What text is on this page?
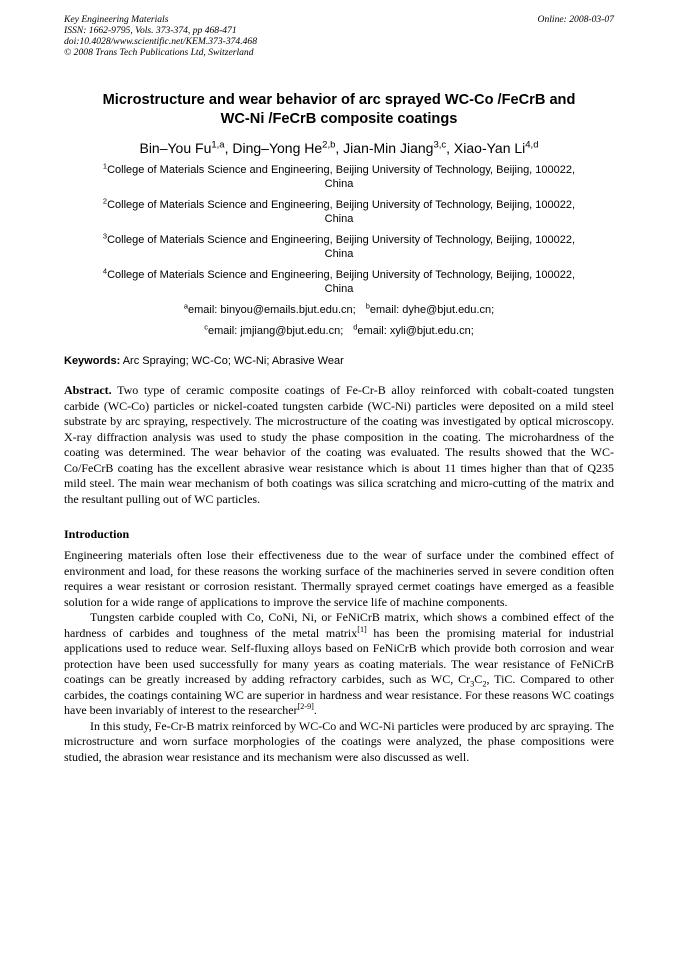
Key Engineering Materials
ISSN: 1662-9795, Vols. 373-374, pp 468-471
doi:10.4028/www.scientific.net/KEM.373-374.468
© 2008 Trans Tech Publications Ltd, Switzerland
Online: 2008-03-07
Microstructure and wear behavior of arc sprayed WC-Co /FeCrB and
WC-Ni /FeCrB composite coatings
Bin–You Fu$^{1,a}$, Ding–Yong He$^{2,b}$, Jian-Min Jiang$^{3,c}$, Xiao-Yan Li$^{4,d}$
$^1$College of Materials Science and Engineering, Beijing University of Technology, Beijing, 100022,
China
$^2$College of Materials Science and Engineering, Beijing University of Technology, Beijing, 100022,
China
$^3$College of Materials Science and Engineering, Beijing University of Technology, Beijing, 100022,
China
$^4$College of Materials Science and Engineering, Beijing University of Technology, Beijing, 100022,
China
$^a$email: binyou@emails.bjut.edu.cn; $^b$email: dyhe@bjut.edu.cn;
$^c$email: jmjiang@bjut.edu.cn; $^d$email: xyli@bjut.edu.cn;
Keywords: Arc Spraying; WC-Co; WC-Ni; Abrasive Wear

Abstract. Two type of ceramic composite coatings of Fe-Cr-B alloy reinforced with cobalt-coated tungsten carbide (WC-Co) particles or nickel-coated tungsten carbide (WC-Ni) particles were deposited on a mild steel substrate by arc spraying, respectively. The microstructure of the coating was investigated by optical microscopy. X-ray diffraction analysis was used to study the phase composition in the coating. The microhardness of the coating was determined. The wear behavior of the coating was evaluated. The results showed that the WC-Co/FeCrB coating has the excellent abrasive wear resistance which is about 11 times higher than that of Q235 mild steel. The main wear mechanism of both coatings was silica scratching and micro-cutting of the matrix and the resultant pulling out of WC particles.

Introduction

Engineering materials often lose their effectiveness due to the wear of surface under the combined effect of environment and load, for these reasons the working surface of the machineries served in severe condition often requires a wear resistant or corrosion resistant. Thermally sprayed cermet coatings have emerged as a feasible solution for a wide range of applications to improve the service life of machine components.

Tungsten carbide coupled with Co, CoNi, Ni, or FeNiCrB matrix, which shows a combined effect of the hardness of carbides and toughness of the metal matrix[1] has been the promising material for industrial applications used to reduce wear. Self-fluxing alloys based on FeNiCrB which provide both corrosion and wear protection have been used successfully for many years as coating materials. The wear resistance of FeNiCrB coatings can be greatly increased by adding refractory carbides, such as WC, $Cr_3C_2$, TiC. Compared to other carbides, the coatings containing WC are superior in hardness and wear resistance. For these reasons WC coatings have been invariably of interest to the researcher[2-9].

In this study, Fe-Cr-B matrix reinforced by WC-Co and WC-Ni particles were produced by arc spraying. The microstructure and worn surface morphologies of the coatings were analyzed, the phase compositions were studied, the abrasion wear resistance and its mechanism were also discussed as well.
